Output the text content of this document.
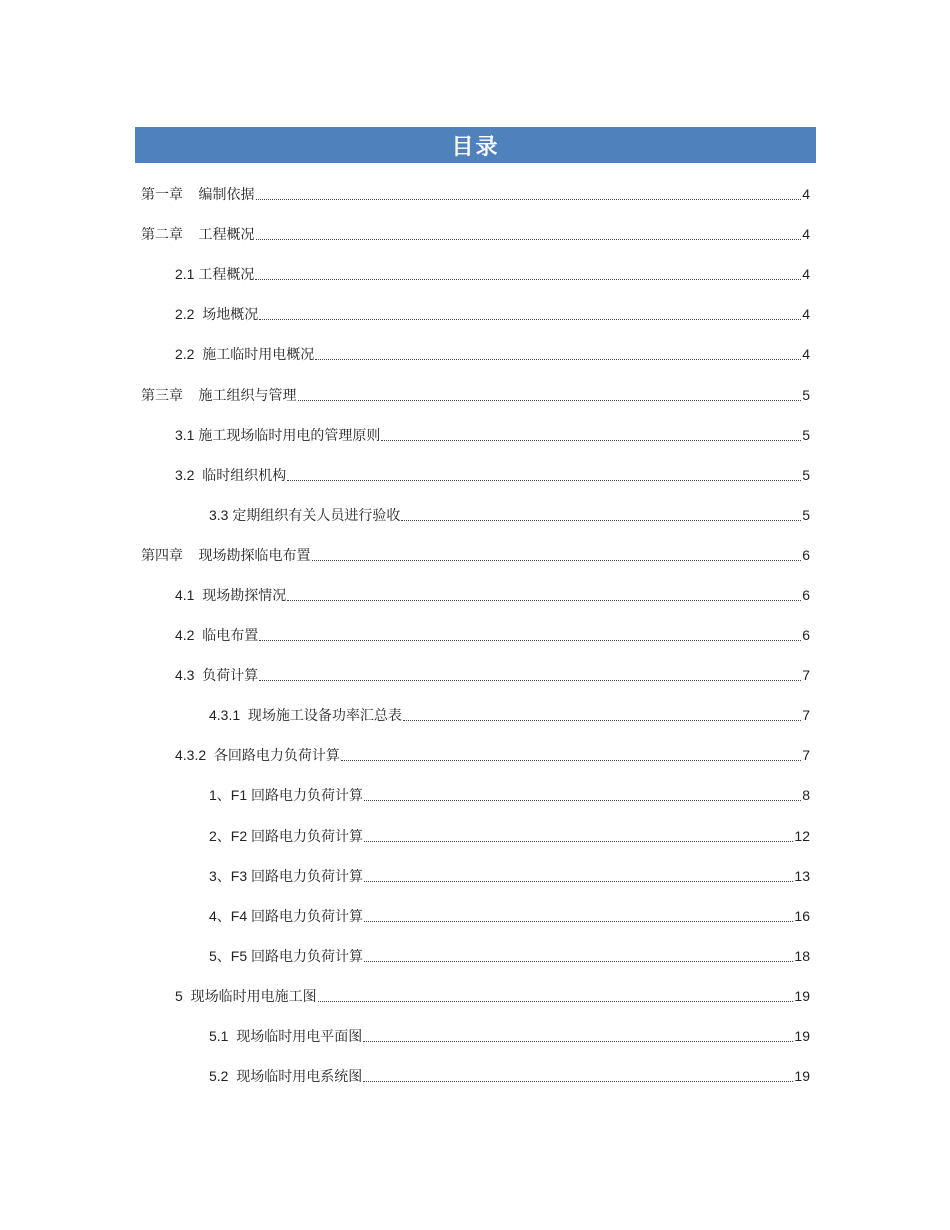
目录
第一章    编制依据	4
第二章    工程概况	4
2.1 工程概况	4
2.2  场地概况	4
2.2  施工临时用电概况	4
第三章    施工组织与管理	5
3.1 施工现场临时用电的管理原则	5
3.2  临时组织机构	5
3.3 定期组织有关人员进行验收	5
第四章    现场勘探临电布置	6
4.1  现场勘探情况	6
4.2  临电布置	6
4.3  负荷计算	7
4.3.1  现场施工设备功率汇总表	7
4.3.2  各回路电力负荷计算	7
1、F1 回路电力负荷计算	8
2、F2 回路电力负荷计算	12
3、F3 回路电力负荷计算	13
4、F4 回路电力负荷计算	16
5、F5 回路电力负荷计算	18
5  现场临时用电施工图	19
5.1  现场临时用电平面图	19
5.2  现场临时用电系统图	19
